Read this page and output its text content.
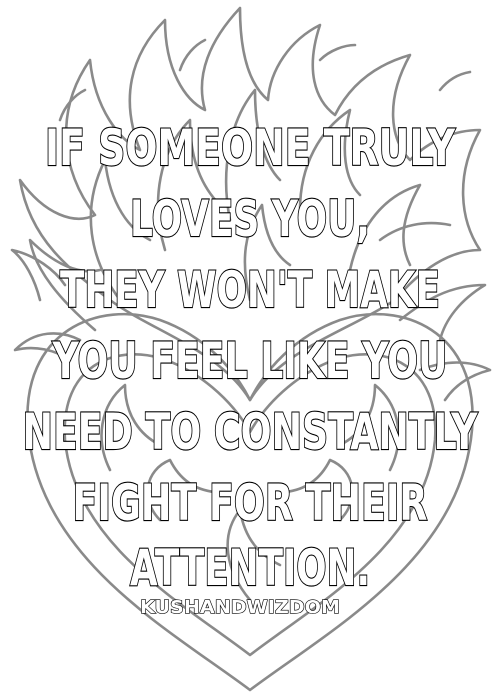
IF SOMEONE TRULY
LOVES YOU,
THEY WON'T MAKE
YOU FEEL LIKE YOU
NEED TO CONSTANTLY
FIGHT FOR THEIR
ATTENTION.
KUSHANDWIZDOM
